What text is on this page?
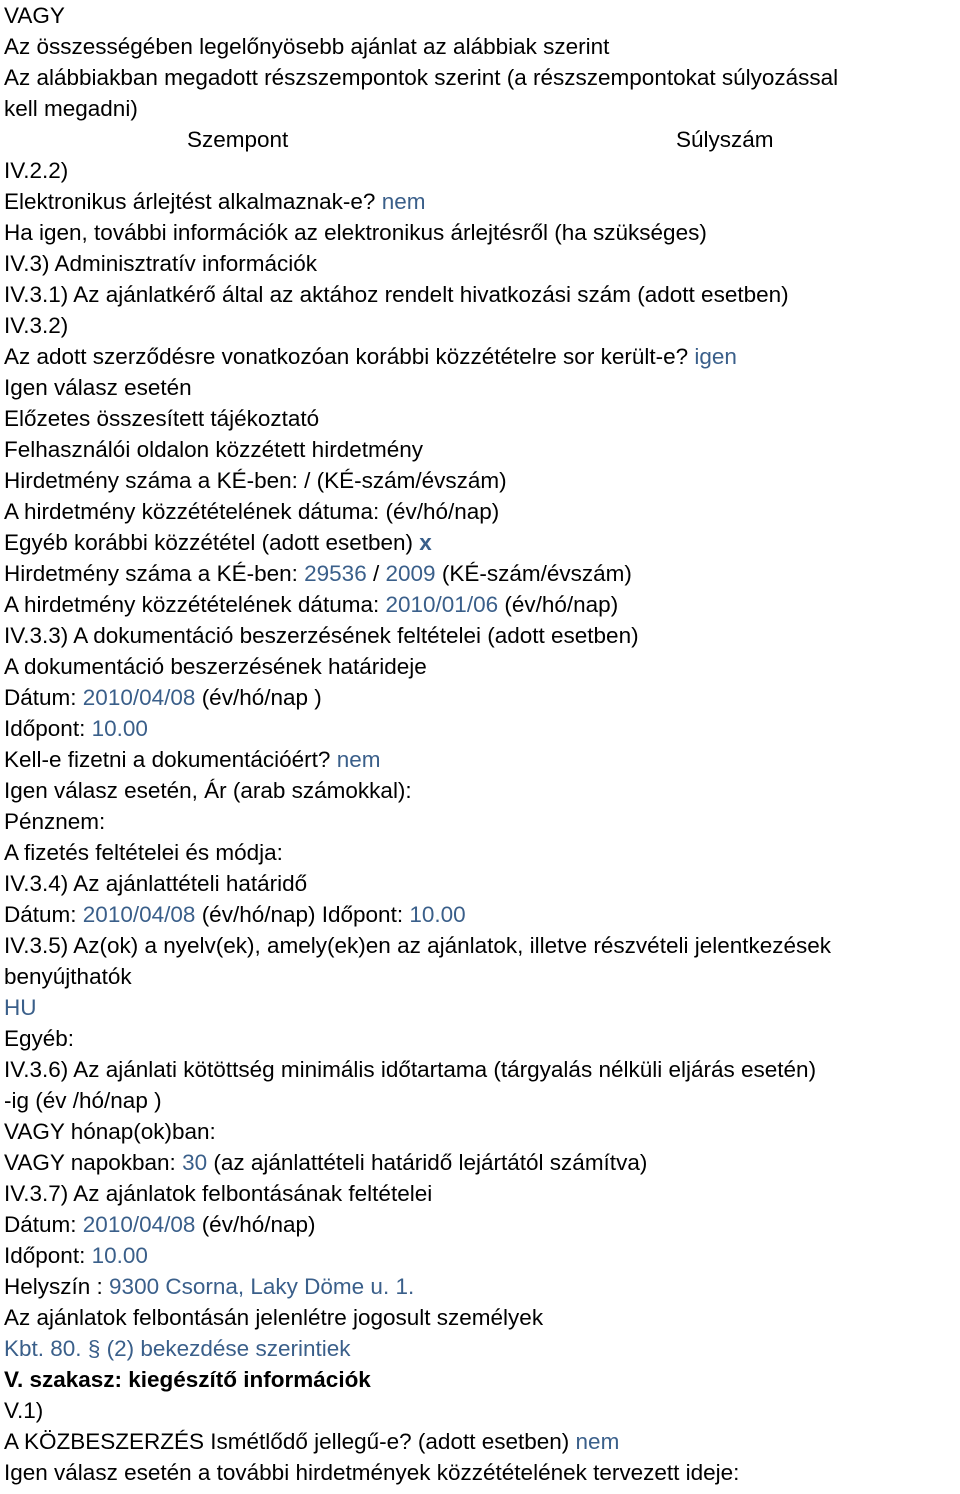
VAGY
Az összességében legelőnyösebb ajánlat az alábbiak szerint
Az alábbiakban megadott részszempontok szerint (a részszempontokat súlyozással
kell megadni)
Szempont	Súlyszám
IV.2.2)
Elektronikus árlejtést alkalmaznak-e? nem
Ha igen, további információk az elektronikus árlejtésről (ha szükséges)
IV.3) Adminisztratív információk
IV.3.1) Az ajánlatkérő által az aktához rendelt hivatkozási szám (adott esetben)
IV.3.2)
Az adott szerződésre vonatkozóan korábbi közzétételre sor került-e? igen
Igen válasz esetén
Előzetes összesített tájékoztató
Felhasználói oldalon közzétett hirdetmény
Hirdetmény száma a KÉ-ben: / (KÉ-szám/évszám)
A hirdetmény közzétételének dátuma: (év/hó/nap)
Egyéb korábbi közzététel (adott esetben) x
Hirdetmény száma a KÉ-ben: 29536 / 2009 (KÉ-szám/évszám)
A hirdetmény közzétételének dátuma: 2010/01/06 (év/hó/nap)
IV.3.3) A dokumentáció beszerzésének feltételei (adott esetben)
A dokumentáció beszerzésének határideje
Dátum: 2010/04/08 (év/hó/nap )
Időpont: 10.00
Kell-e fizetni a dokumentációért? nem
Igen válasz esetén, Ár (arab számokkal):
Pénznem:
A fizetés feltételei és módja:
IV.3.4) Az ajánlattételi határidő
Dátum: 2010/04/08 (év/hó/nap) Időpont: 10.00
IV.3.5) Az(ok) a nyelv(ek), amely(ek)en az ajánlatok, illetve részvételi jelentkezések
benyújthatók
HU
Egyéb:
IV.3.6) Az ajánlati kötöttség minimális időtartama (tárgyalás nélküli eljárás esetén)
-ig (év /hó/nap )
VAGY hónap(ok)ban:
VAGY napokban: 30 (az ajánlattételi határidő lejártától számítva)
IV.3.7) Az ajánlatok felbontásának feltételei
Dátum: 2010/04/08 (év/hó/nap)
Időpont: 10.00
Helyszín : 9300 Csorna, Laky Döme u. 1.
Az ajánlatok felbontásán jelenlétre jogosult személyek
Kbt. 80. § (2) bekezdése szerintiek
V. szakasz: kiegészítő információk
V.1)
A KÖZBESZERZÉS Ismétlődő jellegű-e? (adott esetben) nem
Igen válasz esetén a további hirdetmények közzétételének tervezett ideje:
